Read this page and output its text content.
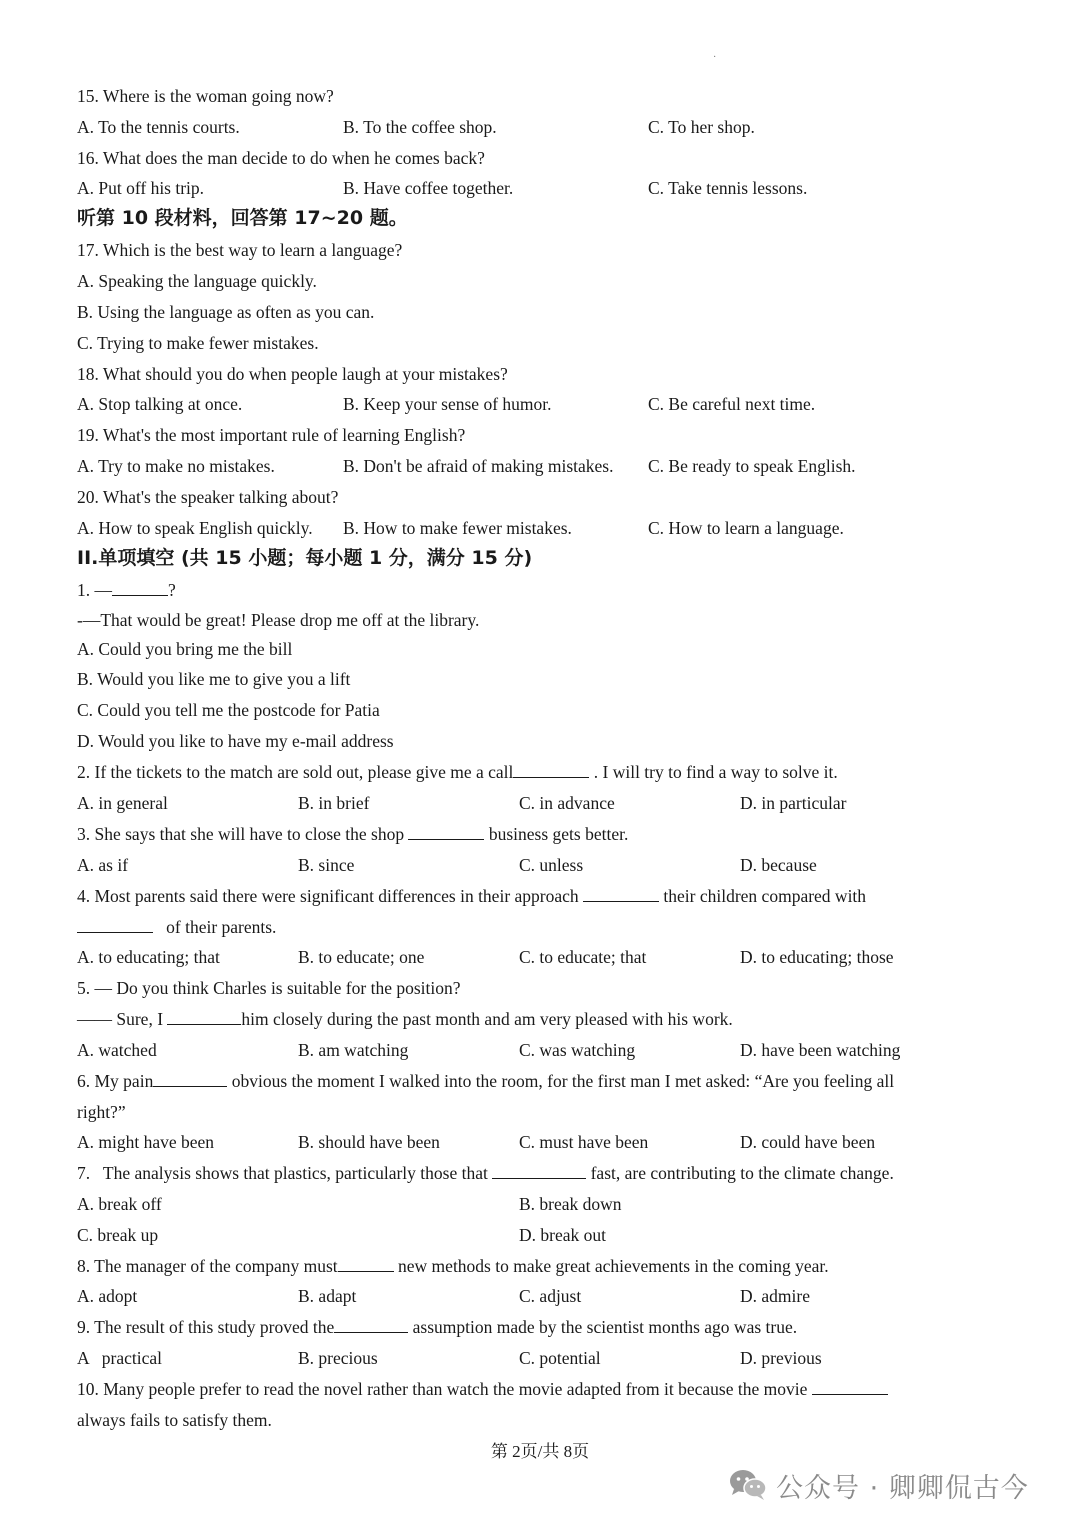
·
15. Where is the woman going now?
A. To the tennis courts.	B. To the coffee shop.	C. To her shop.
16. What does the man decide to do when he comes back?
A. Put off his trip.	B. Have coffee together.	C. Take tennis lessons.
听第 10 段材料，回答第 17~20 题。
17. Which is the best way to learn a language?
A. Speaking the language quickly.
B. Using the language as often as you can.
C. Trying to make fewer mistakes.
18. What should you do when people laugh at your mistakes?
A. Stop talking at once.	B. Keep your sense of humor.	C. Be careful next time.
19. What's the most important rule of learning English?
A. Try to make no mistakes.	B. Don't be afraid of making mistakes. C. Be ready to speak English.
20. What's the speaker talking about?
A. How to speak English quickly. B. How to make fewer mistakes.	C. How to learn a language.
II.单项填空 (共 15 小题；每小题 1 分，满分 15 分)
1. —	?
-—That would be great! Please drop me off at the library.
A. Could you bring me the bill
B. Would you like me to give you a lift
C. Could you tell me the postcode for Patia
D. Would you like to have my e-mail address
2. If the tickets to the match are sold out, please give me a call	. I will try to find a way to solve it.
A. in general	B. in brief	C. in advance	D. in particular
3. She says that she will have to close the shop	business gets better.
A. as if	B. since	C. unless	D. because
4. Most parents said there were significant differences in their approach	their children compared with
of their parents.
A. to educating; that	B. to educate; one	C. to educate; that	D. to educating; those
5. — Do you think Charles is suitable for the position?
—— Sure, I	him closely during the past month and am very pleased with his work.
A. watched	B. am watching	C. was watching	D. have been watching
6. My pain	obvious the moment I walked into the room, for the first man I met asked: “Are you feeling all
right?”
A. might have been	B. should have been	C. must have been	D. could have been
7.   The analysis shows that plastics, particularly those that	fast, are contributing to the climate change.
A. break off	B. break down
C. break up	D. break out
8. The manager of the company must	new methods to make great achievements in the coming year.
A. adopt	B. adapt	C. adjust	D. admire
9. The result of this study proved the	assumption made by the scientist months ago was true.
A   practical	B. precious	C. potential	D. previous
10. Many people prefer to read the novel rather than watch the movie adapted from it because the movie
always fails to satisfy them.
第 2页/共 8页
公众号 · 卿卿侃古今
